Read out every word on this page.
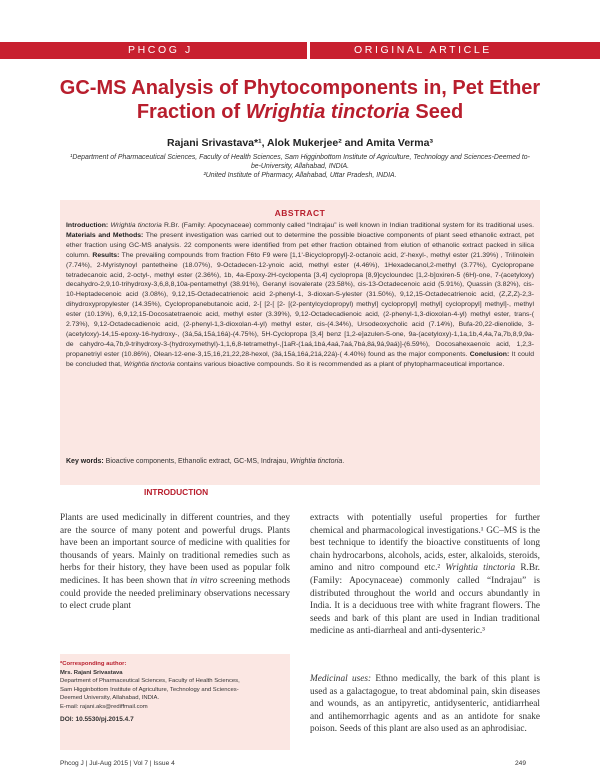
PHCOG J	ORIGINAL ARTICLE
GC-MS Analysis of Phytocomponents in, Pet Ether
Fraction of Wrightia tinctoria Seed
Rajani Srivastava*¹, Alok Mukerjee² and Amita Verma³
¹Department of Pharmaceutical Sciences, Faculty of Health Sciences, Sam Higginbottom Institute of Agriculture, Technology and Sciences-Deemed to-be-University, Allahabad, INDIA.
²United Institute of Pharmacy, Allahabad, Uttar Pradesh, INDIA.
ABSTRACT
Introduction: Wrightia tinctoria R.Br. (Family: Apocynaceae) commonly called “Indrajau” is well known in Indian traditional system for its traditional uses. Materials and Methods: The present investigation was carried out to determine the possible bioactive components of plant seed ethanolic extract, pet ether fraction using GC-MS analysis. 22 components were identified from pet ether fraction obtained from elution of ethanolic extract packed in silica column. Results: The prevailing compounds from fraction F6to F9 were [1,1'-Bicyclopropyl]-2-octanoic acid, 2'-hexyl-, methyl ester (21.39%) , Trilinolein (7.74%), 2-Myristynoyl pantetheine (18.07%), 9-Octadecen-12-ynoic acid, methyl ester (4.46%), 1Hexadecanol,2-methyl (3.77%), Cyclopropane tetradecanoic acid, 2-octyl-, methyl ester (2.36%), 1b, 4a-Epoxy-2H-cyclopenta [3,4] cyclopropa [8,9]cycloundec [1,2-b]oxiren-5 (6H)-one, 7-(acetyloxy) decahydro-2,9,10-trihydroxy-3,6,8,8,10a-pentamethyl (38.91%), Geranyl isovalerate (23.58%), cis-13-Octadecenoic acid (5.91%), Quassin (3.82%), cis-10-Heptadecenoic acid (3.08%), 9,12,15-Octadecatrienoic acid 2-phenyl-1, 3-dioxan-5-ylester (31.50%), 9,12,15-Octadecatrienoic acid, (Z,Z,Z)-2,3-dihydroxypropylester (14.35%), Cyclopropanebutanoic acid, 2-[ [2-[ [2- [(2-pentylcyclopropyl) methyl] cyclopropyl] methyl] cyclopropyl] methyl]-, methyl ester (10.13%), 6,9,12,15-Docosatetraenoic acid, methyl ester (3.39%), 9,12-Octadecadienoic acid, (2-phenyl-1,3-dioxolan-4-yl) methyl ester, trans-( 2.73%), 9,12-Octadecadienoic acid, (2-phenyl-1,3-dioxolan-4-yl) methyl ester, cis-(4.34%), Ursodeoxycholic acid (7.14%), Bufa-20,22-dienolide, 3-(acetyloxy)-14,15-epoxy-16-hydroxy-, (3á,5á,15á,16á)-(4.75%), 5H-Cyclopropa [3,4] benz [1,2-e]azulen-5-one, 9a-(acetyloxy)-1,1a,1b,4,4a,7a,7b,8,9,9a-de cahydro-4a,7b,9-trihydroxy-3-(hydroxymethyl)-1,1,6,8-tetramethyl-,[1aR-(1aá,1bá,4aá,7aá,7bá,8á,9á,9aá)]-(6.59%), Docosahexaenoic acid, 1,2,3-propanetriyl ester (10.86%), Olean-12-ene-3,15,16,21,22,28-hexol, (3á,15á,16á,21á,22á)-( 4.40%) found as the major components. Conclusion: It could be concluded that, Wrightia tinctoria contains various bioactive compounds. So it is recommended as a plant of phytopharmaceutical importance.
Key words: Bioactive components, Ethanolic extract, GC-MS, Indrajau, Wrightia tinctoria.
INTRODUCTION
Plants are used medicinally in different countries, and they are the source of many potent and powerful drugs. Plants have been an important source of medicine with qualities for thousands of years. Mainly on traditional remedies such as herbs for their history, they have been used as popular folk medicines. It has been shown that in vitro screening methods could provide the needed preliminary observations necessary to elect crude plant
extracts with potentially useful properties for further chemical and pharmacological investigations.¹ GC–MS is the best technique to identify the bioactive constituents of long chain hydrocarbons, alcohols, acids, ester, alkaloids, steroids, amino and nitro compound etc.² Wrightia tinctoria R.Br. (Family: Apocynaceae) commonly called “Indrajau” is distributed throughout the world and occurs abundantly in India. It is a deciduous tree with white fragrant flowers. The seeds and bark of this plant are used in Indian traditional medicine as anti-diarrheal and anti-dysenteric.³
Medicinal uses: Ethno medically, the bark of this plant is used as a galactagogue, to treat abdominal pain, skin diseases and wounds, as an antipyretic, antidysenteric, antidiarrheal and antihemorrhagic agents and as an antidote for snake poison. Seeds of this plant are also used as an aphrodisiac.
*Corresponding author:
Mrs. Rajani Srivastava
Department of Pharmaceutical Sciences, Faculty of Health Sciences,
Sam Higginbottom Institute of Agriculture, Technology and Sciences-
Deemed University, Allahabad, INDIA.
E-mail: rajani.aks@rediffmail.com
DOI: 10.5530/pj.2015.4.7
Phcog J | Jul-Aug 2015 | Vol 7 | Issue 4	249
